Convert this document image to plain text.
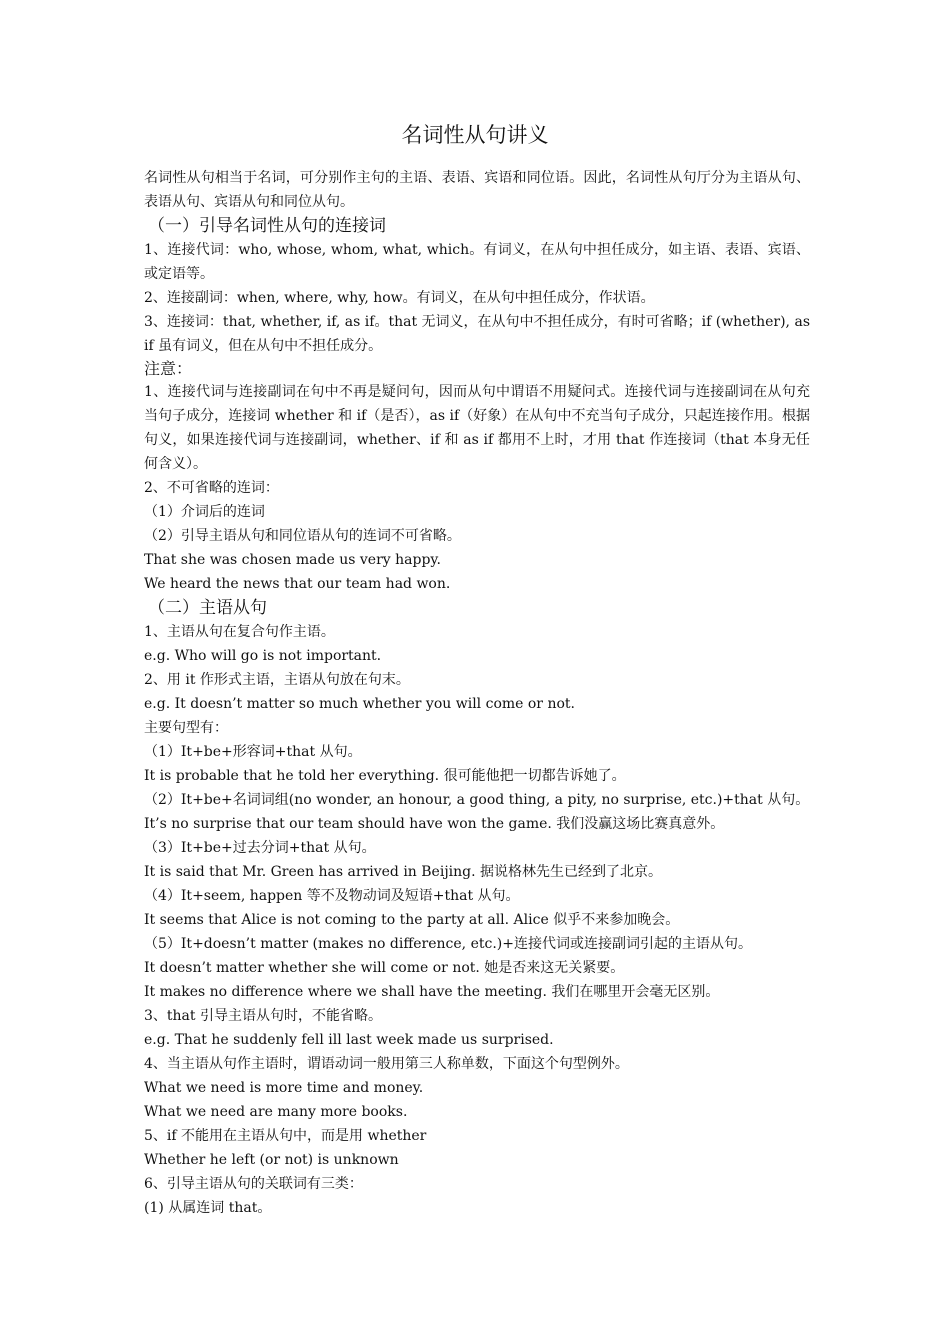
名词性从句讲义

名词性从句相当于名词，可分别作主句的主语、表语、宾语和同位语。因此，名词性从句厅分为主语从句、表语从句、宾语从句和同位从句。

（一）引导名词性从句的连接词

1、连接代词：who, whose, whom, what, which。有词义，在从句中担任成分，如主语、表语、宾语、或定语等。

2、连接副词：when, where, why, how。有词义，在从句中担任成分，作状语。

3、连接词：that, whether, if, as if。that 无词义，在从句中不担任成分，有时可省略；if (whether), as if 虽有词义，但在从句中不担任成分。

注意：

1、连接代词与连接副词在句中不再是疑问句，因而从句中谓语不用疑问式。连接代词与连接副词在从句充当句子成分，连接词 whether 和 if（是否），as if（好象）在从句中不充当句子成分，只起连接作用。根据句义，如果连接代词与连接副词，whether、if 和 as if 都用不上时，才用 that 作连接词（that 本身无任何含义）。

2、不可省略的连词：

（1）介词后的连词

（2）引导主语从句和同位语从句的连词不可省略。

That she was chosen made us very happy.

We heard the news that our team had won.

（二）主语从句

1、主语从句在复合句作主语。

e.g. Who will go is not important.

2、用 it 作形式主语，主语从句放在句末。

e.g. It doesn’t matter so much whether you will come or not.

主要句型有：

（1）It+be+形容词+that 从句。

It is probable that he told her everything. 很可能他把一切都告诉她了。

（2）It+be+名词词组(no wonder, an honour, a good thing, a pity, no surprise, etc.)+that 从句。

It’s no surprise that our team should have won the game. 我们没赢这场比赛真意外。

（3）It+be+过去分词+that 从句。

It is said that Mr. Green has arrived in Beijing. 据说格林先生已经到了北京。

（4）It+seem, happen 等不及物动词及短语+that 从句。

It seems that Alice is not coming to the party at all. Alice 似乎不来参加晚会。

（5）It+doesn’t matter (makes no difference, etc.)+连接代词或连接副词引起的主语从句。

It doesn’t matter whether she will come or not. 她是否来这无关紧要。

It makes no difference where we shall have the meeting. 我们在哪里开会毫无区别。

3、that 引导主语从句时，不能省略。

e.g. That he suddenly fell ill last week made us surprised.

4、当主语从句作主语时，谓语动词一般用第三人称单数，下面这个句型例外。

What we need is more time and money.

What we need are many more books.

5、if 不能用在主语从句中，而是用 whether

Whether he left (or not) is unknown

6、引导主语从句的关联词有三类：

(1) 从属连词 that。
